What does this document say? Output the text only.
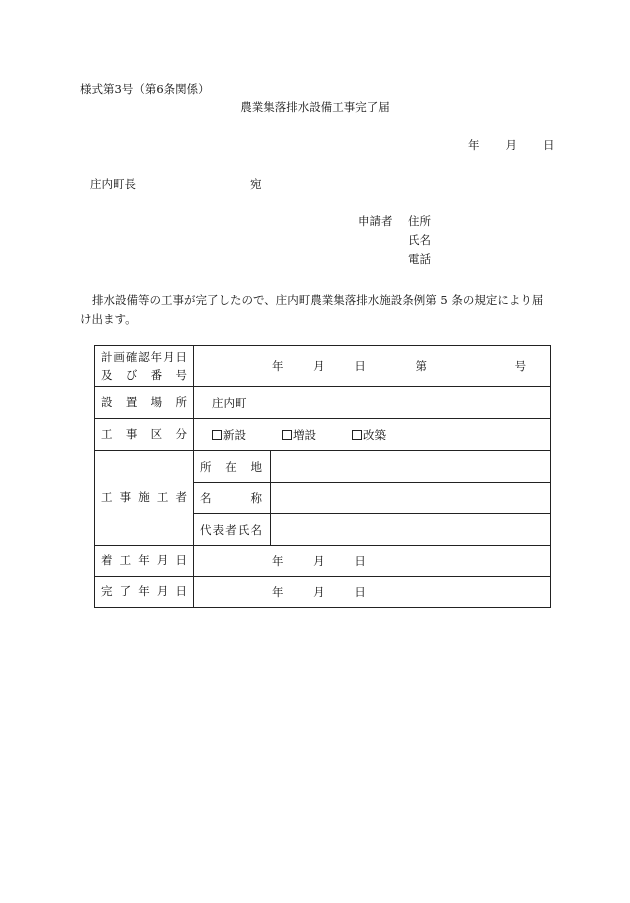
様式第3号（第6条関係）
農業集落排水設備工事完了届
年 月 日
庄内町長	宛
申請者 住所
氏名
電話
排水設備等の工事が完了したので、庄内町農業集落排水施設条例第 5 条の規定により届け出ます。
計画確認年月日
及び番号	年 月 日 第 号	
設置場所	庄内町	
工事区分	新設 増設 改築	
工事施工者	所在地	
	名称	
	代表者氏名	
着工年月日	年 月 日	
完了年月日	年 月 日	
